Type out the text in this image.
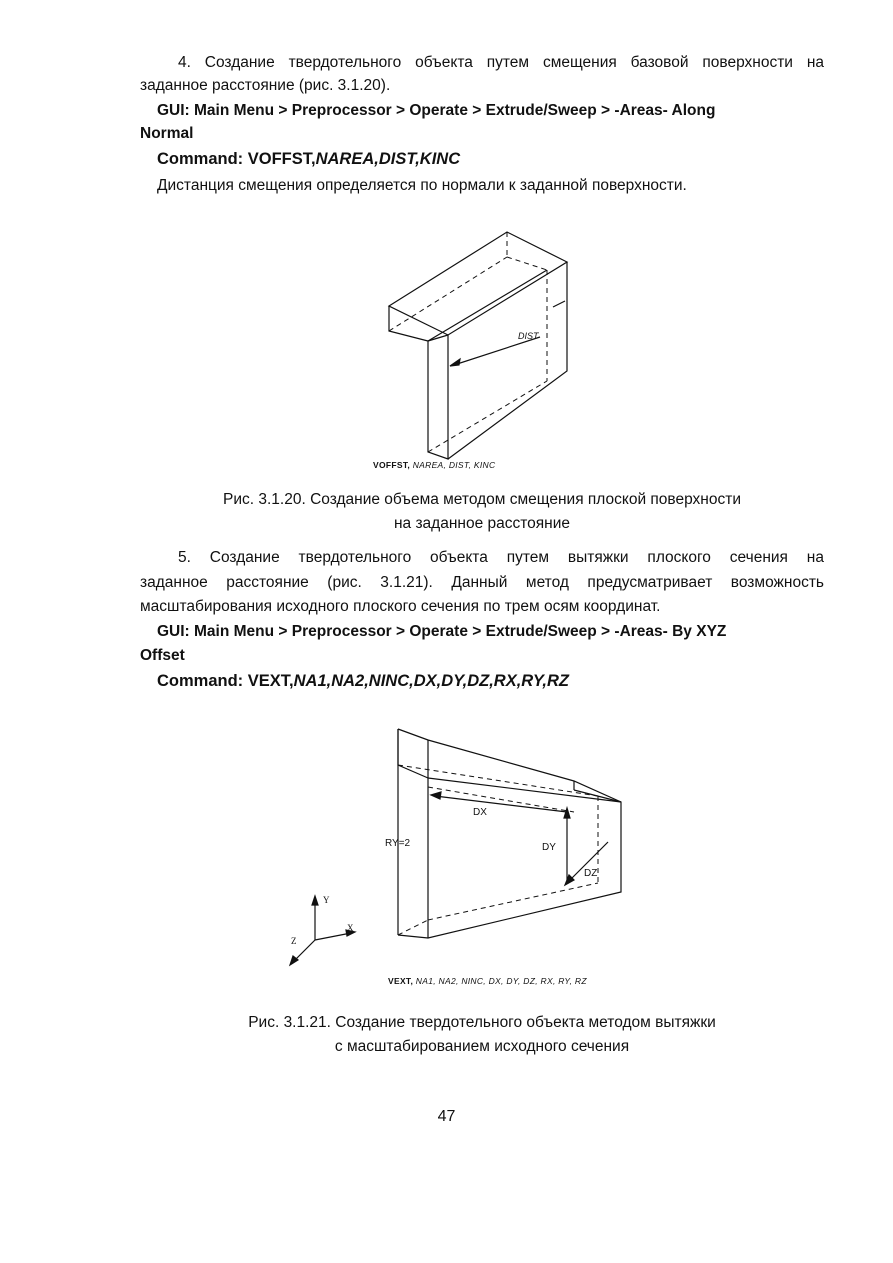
4. Создание твердотельного объекта путем смещения базовой поверхности на

заданное расстояние (рис. 3.1.20).

GUI: Main Menu > Preprocessor > Operate > Extrude/Sweep > -Areas- Along

Normal

Command: VOFFST,NAREA,DIST,KINC

Дистанция смещения определяется по нормали к заданной поверхности.

DIST
VOFFST, NAREA, DIST, KINC
Рис. 3.1.20. Создание объема методом смещения плоской поверхности
на заданное расстояние

5. Создание твердотельного объекта путем вытяжки плоского сечения на

заданное расстояние (рис. 3.1.21). Данный метод предусматривает возможность

масштабирования исходного плоского сечения по трем осям координат.

GUI: Main Menu > Preprocessor > Operate > Extrude/Sweep > -Areas- By XYZ

Offset

Command: VEXT,NA1,NA2,NINC,DX,DY,DZ,RX,RY,RZ

DX
DY
DZ
RY=2
Y
X
Z
VEXT, NA1, NA2, NINC, DX, DY, DZ, RX, RY, RZ
Рис. 3.1.21. Создание твердотельного объекта методом вытяжки
с масштабированием исходного сечения
47
